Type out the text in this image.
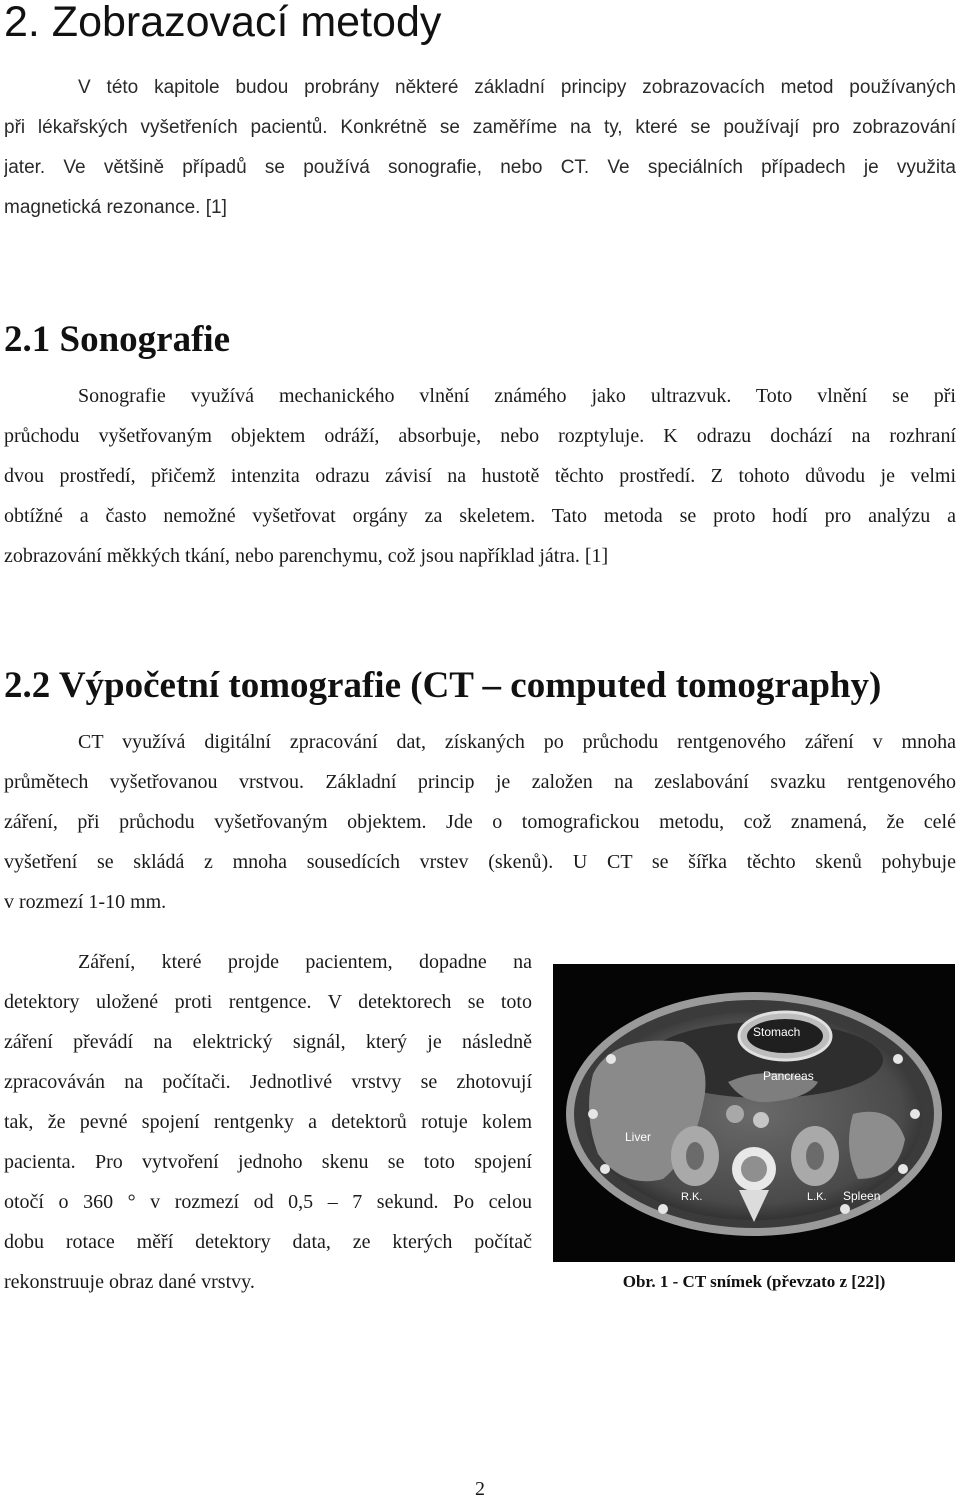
2. Zobrazovací metody
V této kapitole budou probrány některé základní principy zobrazovacích metod používaných
při lékařských vyšetřeních pacientů. Konkrétně se zaměříme na ty, které se používají pro zobrazování
jater. Ve většině případů se používá sonografie, nebo CT. Ve speciálních případech je využita
magnetická rezonance. [1]
2.1 Sonografie
Sonografie využívá mechanického vlnění známého jako ultrazvuk. Toto vlnění se při
průchodu vyšetřovaným objektem odráží, absorbuje, nebo rozptyluje. K odrazu dochází na rozhraní
dvou prostředí, přičemž intenzita odrazu závisí na hustotě těchto prostředí. Z tohoto důvodu je velmi
obtížné a často nemožné vyšetřovat orgány za skeletem. Tato metoda se proto hodí pro analýzu a
zobrazování měkkých tkání, nebo parenchymu, což jsou například játra. [1]
2.2 Výpočetní tomografie (CT – computed tomography)
CT využívá digitální zpracování dat, získaných po průchodu rentgenového záření v mnoha
průmětech vyšetřovanou vrstvou. Základní princip je založen na zeslabování svazku rentgenového
záření, při průchodu vyšetřovaným objektem. Jde o tomografickou metodu, což znamená, že celé
vyšetření se skládá z mnoha sousedících vrstev (skenů). U CT se šířka těchto skenů pohybuje
v rozmezí 1-10 mm.
Záření, které projde pacientem, dopadne na
detektory uložené proti rentgence. V detektorech se toto
záření převádí na elektrický signál, který je následně
zpracováván na počítači. Jednotlivé vrstvy se zhotovují
tak, že pevné spojení rentgenky a detektorů rotuje kolem
pacienta. Pro vytvoření jednoho skenu se toto spojení
otočí o 360 ° v rozmezí od 0,5 – 7 sekund. Po celou
dobu rotace měří detektory data, ze kterých počítač
rekonstruuje obraz dané vrstvy.
Stomach
Pancreas
Liver
R.K.	L.K. Spleen
Obr. 1 - CT snímek (převzato z [22])
2
